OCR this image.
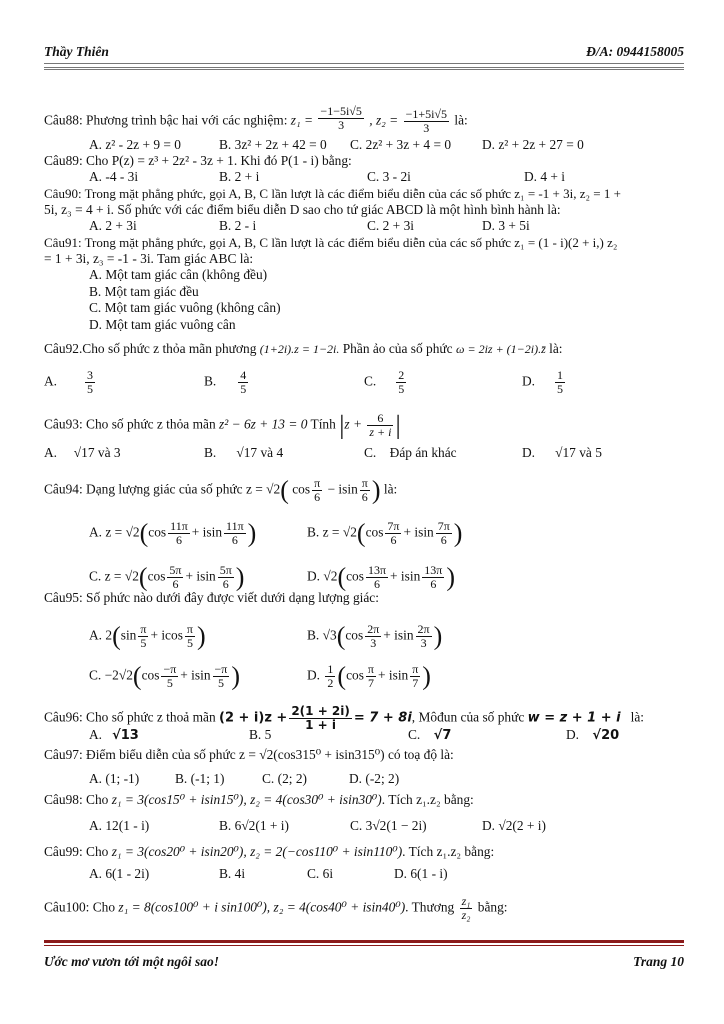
Thầy Thiên	Đ/A: 0944158005
Câu88: Phương trình bậc hai với các nghiệm: $z_1 = \frac{-1-5i√5}{3}$ , $z_2 = \frac{-1+5i√5}{3}$ là:
A. z² - 2z + 9 = 0	B. 3z² + 2z + 42 = 0 C. 2z² + 3z + 4 = 0 D. z² + 2z + 27 = 0
Câu89: Cho P(z) = z³ + 2z² - 3z + 1. Khi đó P(1 - i) bằng:
A. -4 - 3i	B. 2 + i	C. 3 - 2i	D. 4 + i
Câu90: Trong mặt phẳng phức, gọi A, B, C lần lượt là các điểm biểu diễn của các số phức z₁ = -1 + 3i, z₂ = 1 +
5i, z₃ = 4 + i. Số phức với các điểm biểu diễn D sao cho tứ giác ABCD là một hình bình hành là:
A. 2 + 3i	B. 2 - i	C. 2 + 3i	D. 3 + 5i
Câu91: Trong mặt phẳng phức, gọi A, B, C lần lượt là các điểm biểu diễn của các số phức z₁ = (1 - i)(2 + i,) z₂
= 1 + 3i, z₃ = -1 - 3i. Tam giác ABC là:
A. Một tam giác cân (không đều)
B. Một tam giác đều
C. Một tam giác vuông (không cân)
D. Một tam giác vuông cân
Câu92.Cho số phức z thỏa mãn phương (1+2i).z = 1−2i. Phần ảo của số phức ω = 2iz + (1−2i).z̄ là:
A. $\frac{3}{5}$	B. $\frac{4}{5}$	C. $\frac{2}{5}$	D. $\frac{1}{5}$
Câu93: Cho số phức z thỏa mãn z² − 6z + 13 = 0 Tính $|z + \frac{6}{z + i}$ |
A. √17 và 3	B. √17 và 4	C. Đáp án khác	D. √17 và 5
Câu94: Dạng lượng giác của số phức z = √2( $\cos \frac{\pi}{6} - isin \frac{\pi}{6}$ ) là:
A. $z = √2(\cos \frac{11\pi}{6} + isin \frac{11\pi}{6}$ )	B. $z = √2(\cos \frac{7\pi}{6} + isin \frac{7\pi}{6}$ )
C. $z = √2(\cos \frac{5\pi}{6} + isin \frac{5\pi}{6}$ )	D. $√2(\cos \frac{13\pi}{6} + isin \frac{13\pi}{6}$ )
Câu95: Số phức nào dưới đây được viết dưới dạng lượng giác:
A. $2(\sin \frac{\pi}{5} + icos \frac{\pi}{5}$ )	B. $√3(\cos \frac{2\pi}{3} + isin \frac{2\pi}{3}$ )
C. $-2√2(\cos \frac{-\pi}{5} + isin \frac{-\pi}{5}$ )	D. $\frac{1}{2} (\cos \frac{\pi}{7} + isin \frac{\pi}{7}$ )
Câu96: Cho số phức z thoả mãn $(2 + i)z + \frac{2(1 + 2i)}{1 + i} = 7 + 8i$, Môđun của số phức w = z + 1 + i là:
A. √13	B. 5	C. √7	D. √20
Câu97: Điểm biểu diễn của số phức z = √2(cos315⁰ + isin315⁰) có toạ độ là:
A. (1; -1)	B. (-1; 1)	C. (2; 2)	D. (-2; 2)
Câu98: Cho z₁ = 3(cos15⁰ + isin15⁰), z₂ = 4(cos30⁰ + isin30⁰). Tích z₁.z₂ bằng:
A. 12(1 - i)	B. 6√2(1 + i)	C. 3√2(1 − 2i)	D. √2(2 + i)
Câu99: Cho z₁ = 3(cos20⁰ + isin20⁰), z₂ = 2(−cos110⁰ + isin110⁰). Tích z₁.z₂ bằng:
A. 6(1 - 2i)	B. 4i	C. 6i	D. 6(1 - i)
Câu100: Cho z₁ = 8(cos100⁰ + i sin100⁰), z₂ = 4(cos40⁰ + isin40⁰). Thương $\frac{\text{z₁}}{\text{z₂}}$ bằng:
Ước mơ vươn tới một ngôi sao!	Trang 10
